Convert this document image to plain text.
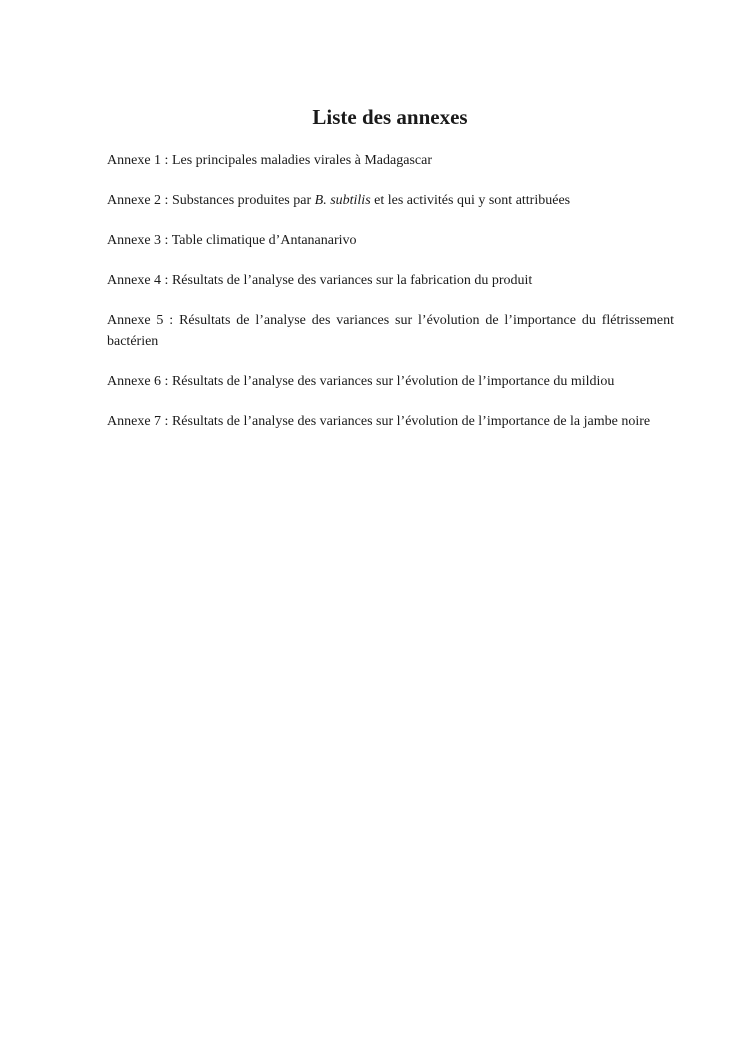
Liste des annexes
Annexe 1 : Les principales maladies virales à Madagascar
Annexe 2 : Substances produites par B. subtilis et les activités qui y sont attribuées
Annexe 3 : Table climatique d’Antananarivo
Annexe 4 : Résultats de l’analyse des variances sur la fabrication du produit
Annexe 5 : Résultats de l’analyse des variances sur l’évolution de l’importance du flétrissement bactérien
Annexe 6 : Résultats de l’analyse des variances sur l’évolution de l’importance du mildiou
Annexe 7 : Résultats de l’analyse des variances sur l’évolution de l’importance de la jambe noire
